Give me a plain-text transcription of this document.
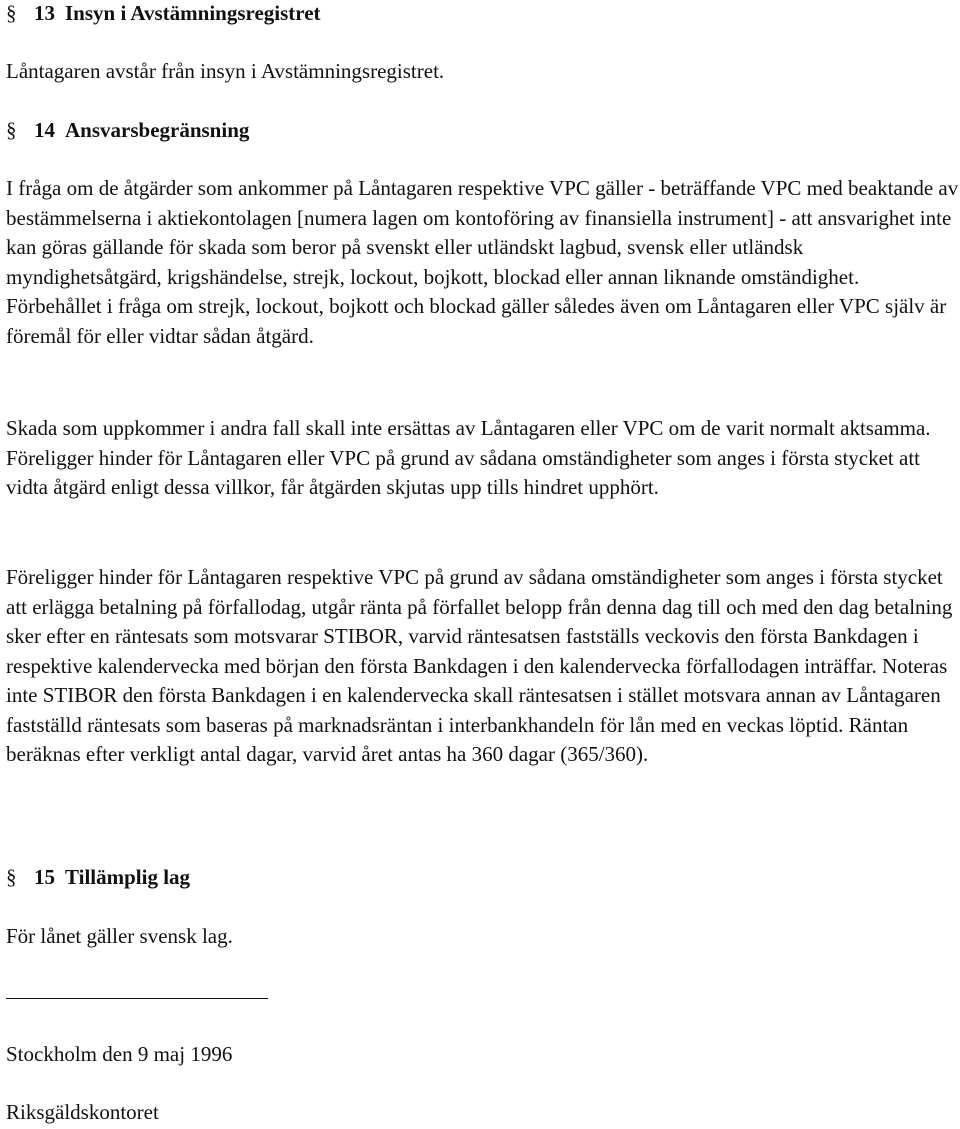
§ 13 Insyn i Avstämningsregistret

Låntagaren avstår från insyn i Avstämningsregistret.

§ 14 Ansvarsbegränsning

I fråga om de åtgärder som ankommer på Låntagaren respektive VPC gäller - beträffande VPC med beaktande av bestämmelserna i aktiekontolagen [numera lagen om kontoföring av finansiella instrument] - att ansvarighet inte kan göras gällande för skada som beror på svenskt eller utländskt lagbud, svensk eller utländsk myndighetsåtgärd, krigshändelse, strejk, lockout, bojkott, blockad eller annan liknande omständighet. Förbehållet i fråga om strejk, lockout, bojkott och blockad gäller således även om Låntagaren eller VPC själv är föremål för eller vidtar sådan åtgärd.

Skada som uppkommer i andra fall skall inte ersättas av Låntagaren eller VPC om de varit normalt aktsamma. Föreligger hinder för Låntagaren eller VPC på grund av sådana omständigheter som anges i första stycket att vidta åtgärd enligt dessa villkor, får åtgärden skjutas upp tills hindret upphört.

Föreligger hinder för Låntagaren respektive VPC på grund av sådana omständigheter som anges i första stycket att erlägga betalning på förfallodag, utgår ränta på förfallet belopp från denna dag till och med den dag betalning sker efter en räntesats som motsvarar STIBOR, varvid räntesatsen fastställs veckovis den första Bankdagen i respektive kalendervecka med början den första Bankdagen i den kalendervecka förfallodagen inträffar. Noteras inte STIBOR den första Bankdagen i en kalendervecka skall räntesatsen i stället motsvara annan av Låntagaren fastställd räntesats som baseras på marknadsräntan i interbankhandeln för lån med en veckas löptid. Räntan beräknas efter verkligt antal dagar, varvid året antas ha 360 dagar (365/360).

§ 15 Tillämplig lag

För lånet gäller svensk lag.

Stockholm den 9 maj 1996

Riksgäldskontoret
